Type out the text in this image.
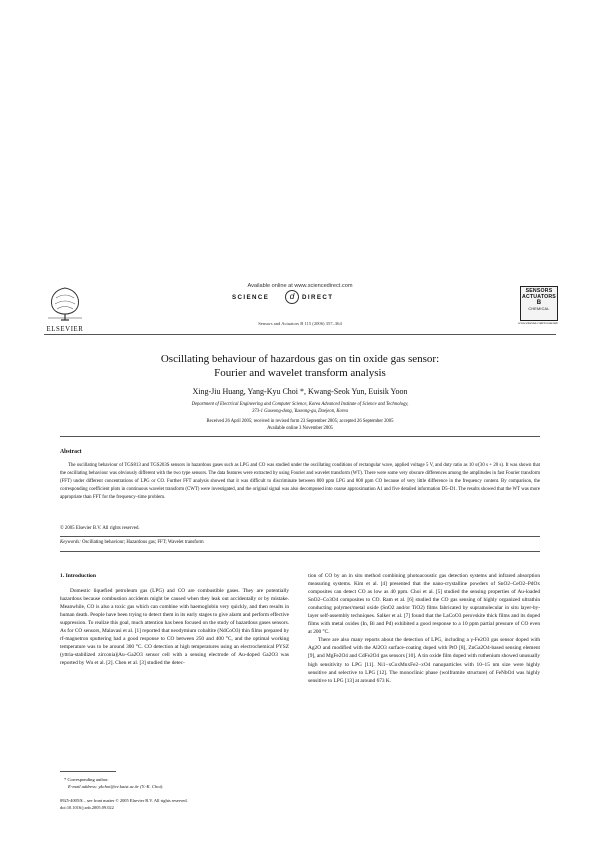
ELSEVIER
Available online at www.sciencedirect.com
SCIENCE	d	DIRECT
Sensors and Actuators B 115 (2006) 357–364
SENSORS
ACTUATORS
B
CHEMICAL
www.elsevier.com/locate/snb
Oscillating behaviour of hazardous gas on tin oxide gas sensor:
Fourier and wavelet transform analysis
Xing-Jiu Huang, Yang-Kyu Choi *, Kwang-Seok Yun, Euisik Yoon
Department of Electrical Engineering and Computer Science, Korea Advanced Institute of Science and Technology,
373-1 Guseong-dong, Yuseong-gu, Daejeon, Korea
Received 26 April 2005; received in revised form 23 September 2005; accepted 26 September 2005
Available online 3 November 2005
Abstract
The oscillating behaviour of TGS813 and TGS203S sensors in hazardous gases such as LPG and CO was studied under the oscillating conditions of rectangular wave, applied voltage 5 V, and duty ratio as 10 s/(30 s + 20 s). It was shown that the oscillating behaviour was obviously different with the two type sensors. The data features were extracted by using Fourier and wavelet transform (WT). There were some very obscure differences among the amplitudes in fast Fourier transform (FFT) under different concentrations of LPG or CO. Further FFT analysis showed that it was difficult to discriminate between 800 ppm LPG and 800 ppm CO because of very little difference in the frequency content. By comparison, the corresponding coefficient plots in continuous wavelet transform (CWT) were investigated, and the original signal was also decomposed into coarse approximation A1 and five detailed information D5–D1. The results showed that the WT was more appropriate than FFT for the frequency–time problem.
© 2005 Elsevier B.V. All rights reserved.
Keywords: Oscillating behaviour; Hazardous gas; FFT; Wavelet transform
1. Introduction

Domestic liquefied petroleum gas (LPG) and CO are combustible gases. They are potentially hazardous because combustion accidents might be caused when they leak out accidentally or by mistake. Meanwhile, CO is also a toxic gas which can combine with haemoglobin very quickly, and then results in human death. People have been trying to detect them in its early stages to give alarm and perform effective suppression. To realize this goal, much attention has been focused on the study of hazardous gases sensors. As for CO sensors, Malavasi et al. [1] reported that neodymium cobaltite (NdCoO3) thin films prepared by rf-magnetron sputtering had a good response to CO between 250 and 400 °C, and the optimal working temperature was to be around 300 °C. CO detection at high temperatures using an electrochemical PYSZ (yttria-stabilized zirconia)|Au–Ga2O3 sensor cell with a sensing electrode of Au-doped Ga2O3 was reported by Wu et al. [2]. Chen et al. [3] studied the detec-

tion of CO by an in situ method combining photoacoustic gas detection systems and infrared absorption measuring systems. Kim et al. [4] presented that the nano-crystalline powders of SnO2–CeO2–PdOx composites can detect CO as low as 40 ppm. Choi et al. [5] studied the sensing properties of Au-loaded SnO2–Co3O4 composites to CO. Ram et al. [6] studied the CO gas sensing of highly organized ultrathin conducting polymer/metal oxide (SnO2 and/or TiO2) films fabricated by supramolecular in situ layer-by-layer self-assembly techniques. Salker et al. [7] found that the LaCoO3 perovskite thick films and its doped films with metal oxides (In, Bi and Pd) exhibited a good response to a 10 ppm partial pressure of CO even at 200 °C.

There are also many reports about the detection of LPG, including a γ-Fe2O3 gas sensor doped with Ag2O and modified with the Al2O3 surface-coating doped with PtO [8], ZnGa2O4-based sensing element [9], and MgFe2O4 and CdFe2O4 gas sensors [10]. A tin oxide film doped with ruthenium showed unusually high sensitivity to LPG [11]. Ni1−xCoxMnxFe2−xO4 nanoparticles with 10–15 nm size were highly sensitive and selective to LPG [12]. The monoclinic phase (wolframite structure) of FeNbO4 was highly sensitive to LPG [13] at around 673 K.

* Corresponding author.
E-mail address: ykchoi@ee.kaist.ac.kr (Y.-K. Choi).
0925-4005/$ – see front matter © 2005 Elsevier B.V. All rights reserved.
doi:10.1016/j.snb.2005.09.022
